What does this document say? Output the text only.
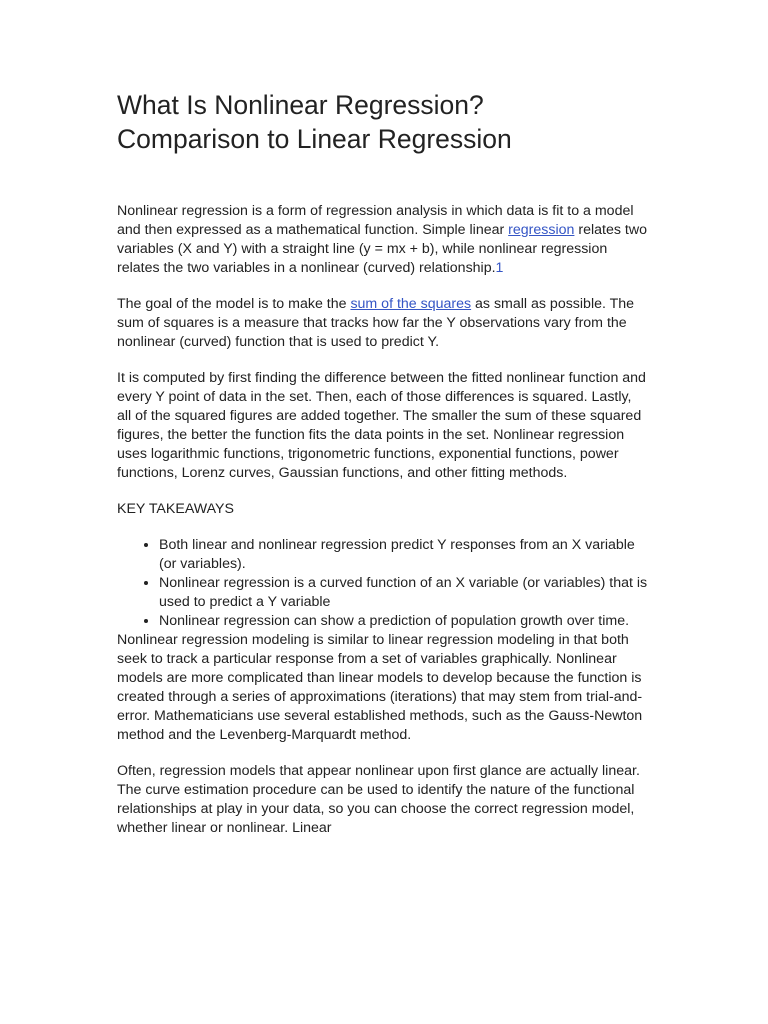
What Is Nonlinear Regression?
Comparison to Linear Regression

Nonlinear regression is a form of regression analysis in which data is fit to a model and then expressed as a mathematical function. Simple linear regression relates two variables (X and Y) with a straight line (y = mx + b), while nonlinear regression relates the two variables in a nonlinear (curved) relationship.1

The goal of the model is to make the sum of the squares as small as possible. The sum of squares is a measure that tracks how far the Y observations vary from the nonlinear (curved) function that is used to predict Y.

It is computed by first finding the difference between the fitted nonlinear function and every Y point of data in the set. Then, each of those differences is squared. Lastly, all of the squared figures are added together. The smaller the sum of these squared figures, the better the function fits the data points in the set. Nonlinear regression uses logarithmic functions, trigonometric functions, exponential functions, power functions, Lorenz curves, Gaussian functions, and other fitting methods.

KEY TAKEAWAYS

• Both linear and nonlinear regression predict Y responses from an X variable (or variables).
• Nonlinear regression is a curved function of an X variable (or variables) that is used to predict a Y variable
• Nonlinear regression can show a prediction of population growth over time.

Nonlinear regression modeling is similar to linear regression modeling in that both seek to track a particular response from a set of variables graphically. Nonlinear models are more complicated than linear models to develop because the function is created through a series of approximations (iterations) that may stem from trial-and-error. Mathematicians use several established methods, such as the Gauss-Newton method and the Levenberg-Marquardt method.

Often, regression models that appear nonlinear upon first glance are actually linear. The curve estimation procedure can be used to identify the nature of the functional relationships at play in your data, so you can choose the correct regression model, whether linear or nonlinear. Linear
